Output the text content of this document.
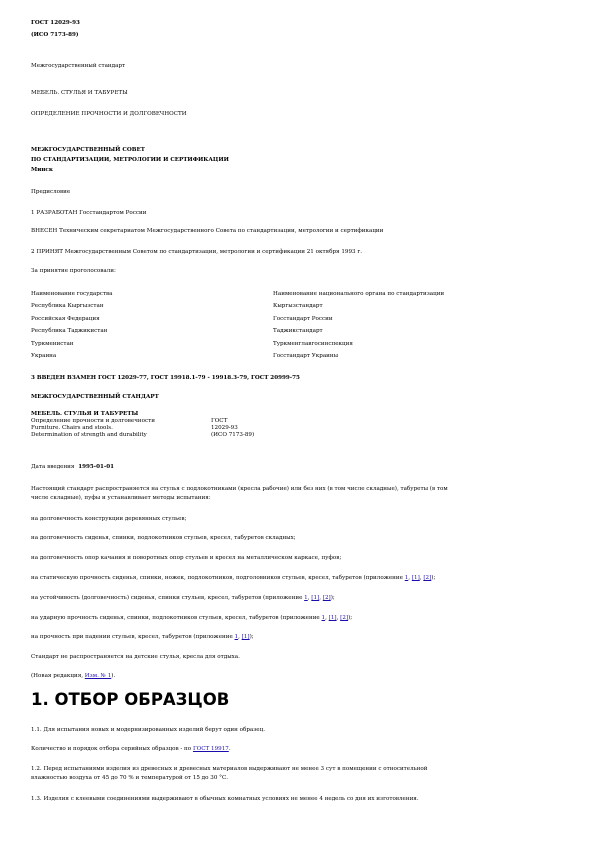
ГОСТ 12029-93
(ИСО 7173-89)
Межгосударственный стандарт
МЕБЕЛЬ. СТУЛЬЯ И ТАБУРЕТЫ
ОПРЕДЕЛЕНИЕ ПРОЧНОСТИ И ДОЛГОВЕЧНОСТИ
МЕЖГОСУДАРСТВЕННЫЙ СОВЕТ
ПО СТАНДАРТИЗАЦИИ, МЕТРОЛОГИИ И СЕРТИФИКАЦИИ
Минск
Предисловие
1 РАЗРАБОТАН Госстандартом России
ВНЕСЕН Техническим секретариатом Межгосударственного Совета по стандартизации, метрологии и сертификации
2 ПРИНЯТ Межгосударственным Советом по стандартизации, метрологии и сертификации 21 октября 1993 г.
За принятие проголосовали:
Наименование государства	Наименование национального органа по стандартизации
Республика Кыргызстан	Кыргызстандарт
Российская Федерация	Госстандарт России
Республика Таджикистан	Таджикстандарт
Туркменистан	Туркменглавгосинспекция
Украина	Госстандарт Украины
3 ВВЕДЕН ВЗАМЕН ГОСТ 12029-77, ГОСТ 19918.1-79 - 19918.3-79, ГОСТ 20999-75
МЕЖГОСУДАРСТВЕННЫЙ СТАНДАРТ
МЕБЕЛЬ. СТУЛЬЯ И ТАБУРЕТЫ
Определение прочности и долговечности
Furniture. Chairs and stools.
Determination of strength and durability

ГОСТ
12029-93
(ИСО 7173-89)
Дата введения 1995-01-01
Настоящий стандарт распространяется на стулья с подлокотниками (кресла рабочие) или без них (в том числе складные), табуреты (в том
числе складные), пуфы и устанавливает методы испытания:
на долговечность конструкции деревянных стульев;
на долговечность сиденья, спинки, подлокотников стульев, кресел, табуретов складных;
на долговечность опор качания и поворотных опор стульев и кресел на металлическом каркасе, пуфов;
на статическую прочность сиденья, спинки, ножек, подлокотников, подголовников стульев, кресел, табуретов (приложение 1, [1], [2]);
на устойчивость (долговечность) сиденья, спинки стульев, кресел, табуретов (приложение 1, [1], [2]);
на ударную прочность сиденья, спинки, подлокотников стульев, кресел, табуретов (приложение 1, [1], [2]);
на прочность при падении стульев, кресел, табуретов (приложение 1, [1]);
Стандарт не распространяется на детские стулья, кресла для отдыха.
(Новая редакция, Изм. № 1).
1. ОТБОР ОБРАЗЦОВ
1.1. Для испытания новых и модернизированных изделий берут один образец.
Количество и порядок отбора серийных образцов - по ГОСТ 19917.
1.2. Перед испытаниями изделия из древесных и древесных материалов выдерживают не менее 3 сут в помещении с относительной
влажностью воздуха от 45 до 70 % и температурой от 15 до 30 °С.
1.3. Изделия с клеевыми соединениями выдерживают в обычных комнатных условиях не менее 4 недель со дня их изготовления.
